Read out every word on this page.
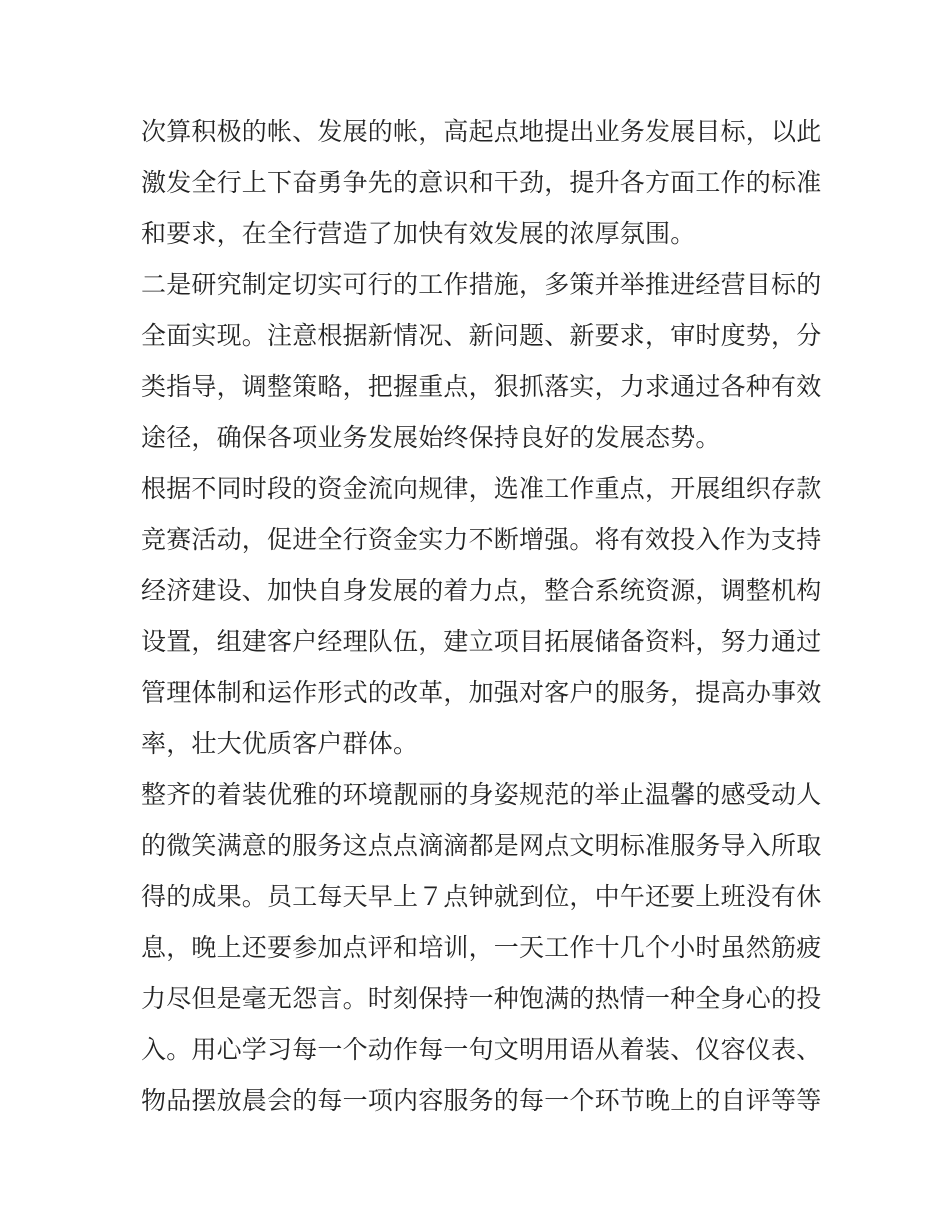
次算积极的帐、发展的帐，高起点地提出业务发展目标，以此
激发全行上下奋勇争先的意识和干劲，提升各方面工作的标准
和要求，在全行营造了加快有效发展的浓厚氛围。
二是研究制定切实可行的工作措施，多策并举推进经营目标的
全面实现。注意根据新情况、新问题、新要求，审时度势，分
类指导，调整策略，把握重点，狠抓落实，力求通过各种有效
途径，确保各项业务发展始终保持良好的发展态势。
根据不同时段的资金流向规律，选准工作重点，开展组织存款
竞赛活动，促进全行资金实力不断增强。将有效投入作为支持
经济建设、加快自身发展的着力点，整合系统资源，调整机构
设置，组建客户经理队伍，建立项目拓展储备资料，努力通过
管理体制和运作形式的改革，加强对客户的服务，提高办事效
率，壮大优质客户群体。
整齐的着装优雅的环境靓丽的身姿规范的举止温馨的感受动人
的微笑满意的服务这点点滴滴都是网点文明标准服务导入所取
得的成果。员工每天早上７点钟就到位，中午还要上班没有休
息，晚上还要参加点评和培训，一天工作十几个小时虽然筋疲
力尽但是毫无怨言。时刻保持一种饱满的热情一种全身心的投
入。用心学习每一个动作每一句文明用语从着装、仪容仪表、
物品摆放晨会的每一项内容服务的每一个环节晚上的自评等等
